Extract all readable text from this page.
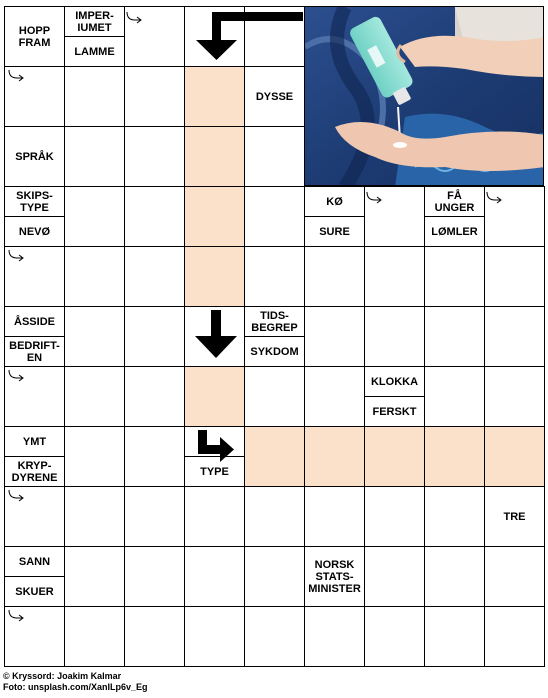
HOPP
FRAM
IMPER-
IUMET
LAMME
DYSSE
SPRÅK
SKIPS-
TYPE
NEVØ
KØ
SURE
FÅ
UNGER
LØMLER
ÅSSIDE
BEDRIFT-
EN
TIDS-
BEGREP
SYKDOM
KLOKKA
FERSKT
YMT
KRYP-
DYRENE	TYPE
TRE
SANN
SKUER
NORSK
STATS-
MINISTER
© Kryssord: Joakim Kalmar
Foto: unsplash.com/XanILp6v_Eg
